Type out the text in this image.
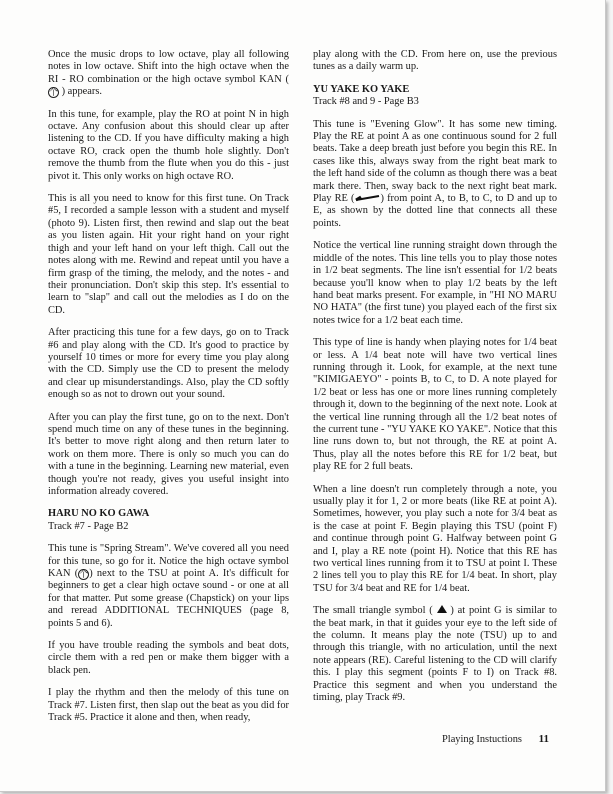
Once the music drops to low octave, play all following notes in low octave. Shift into the high octave when the RI - RO combination or the high octave symbol KAN ( 个 ) appears.

In this tune, for example, play the RO at point N in high octave. Any confusion about this should clear up after listening to the CD. If you have difficulty making a high octave RO, crack open the thumb hole slightly. Don't remove the thumb from the flute when you do this - just pivot it. This only works on high octave RO.

This is all you need to know for this first tune. On Track #5, I recorded a sample lesson with a student and myself (photo 9). Listen first, then rewind and slap out the beat as you listen again. Hit your right hand on your right thigh and your left hand on your left thigh. Call out the notes along with me. Rewind and repeat until you have a firm grasp of the timing, the melody, and the notes - and their pronunciation. Don't skip this step. It's essential to learn to "slap" and call out the melodies as I do on the CD.

After practicing this tune for a few days, go on to Track #6 and play along with the CD. It's good to practice by yourself 10 times or more for every time you play along with the CD. Simply use the CD to present the melody and clear up misunderstandings. Also, play the CD softly enough so as not to drown out your sound.

After you can play the first tune, go on to the next. Don't spend much time on any of these tunes in the beginning. It's better to move right along and then return later to work on them more. There is only so much you can do with a tune in the beginning. Learning new material, even though you're not ready, gives you useful insight into information already covered.

HARU NO KO GAWA
Track #7 - Page B2

This tune is "Spring Stream". We've covered all you need for this tune, so go for it. Notice the high octave symbol KAN (个) next to the TSU at point A. It's difficult for beginners to get a clear high octave sound - or one at all for that matter. Put some grease (Chapstick) on your lips and reread ADDITIONAL TECHNIQUES (page 8, points 5 and 6).

If you have trouble reading the symbols and beat dots, circle them with a red pen or make them bigger with a black pen.

I play the rhythm and then the melody of this tune on Track #7. Listen first, then slap out the beat as you did for Track #5. Practice it alone and then, when ready,

play along with the CD. From here on, use the previous tunes as a daily warm up.

YU YAKE KO YAKE
Track #8 and 9 - Page B3

This tune is "Evening Glow". It has some new timing. Play the RE at point A as one continuous sound for 2 full beats. Take a deep breath just before you begin this RE. In cases like this, always sway from the right beat mark to the left hand side of the column as though there was a beat mark there. Then, sway back to the next right beat mark. Play RE (	) from point A, to B, to C, to D and up to E, as shown by the dotted line that connects all these points.

Notice the vertical line running straight down through the middle of the notes. This line tells you to play those notes in 1/2 beat segments. The line isn't essential for 1/2 beats because you'll know when to play 1/2 beats by the left hand beat marks present. For example, in "HI NO MARU NO HATA" (the first tune) you played each of the first six notes twice for a 1/2 beat each time.

This type of line is handy when playing notes for 1/4 beat or less. A 1/4 beat note will have two vertical lines running through it. Look, for example, at the next tune "KIMIGAEYO" - points B, to C, to D. A note played for 1/2 beat or less has one or more lines running completely through it, down to the beginning of the next note. Look at the vertical line running through all the 1/2 beat notes of the current tune - "YU YAKE KO YAKE". Notice that this line runs down to, but not through, the RE at point A. Thus, play all the notes before this RE for 1/2 beat, but play RE for 2 full beats.

When a line doesn't run completely through a note, you usually play it for 1, 2 or more beats (like RE at point A). Sometimes, however, you play such a note for 3/4 beat as is the case at point F. Begin playing this TSU (point F) and continue through point G. Halfway between point G and I, play a RE note (point H). Notice that this RE has two vertical lines running from it to TSU at point I. These 2 lines tell you to play this RE for 1/4 beat. In short, play TSU for 3/4 beat and RE for 1/4 beat.

The small triangle symbol ( ) at point G is similar to the beat mark, in that it guides your eye to the left side of the column. It means play the note (TSU) up to and through this triangle, with no articulation, until the next note appears (RE). Careful listening to the CD will clarify this. I play this segment (points F to I) on Track #8. Practice this segment and when you understand the timing, play Track #9.

Playing Instuctions 11
